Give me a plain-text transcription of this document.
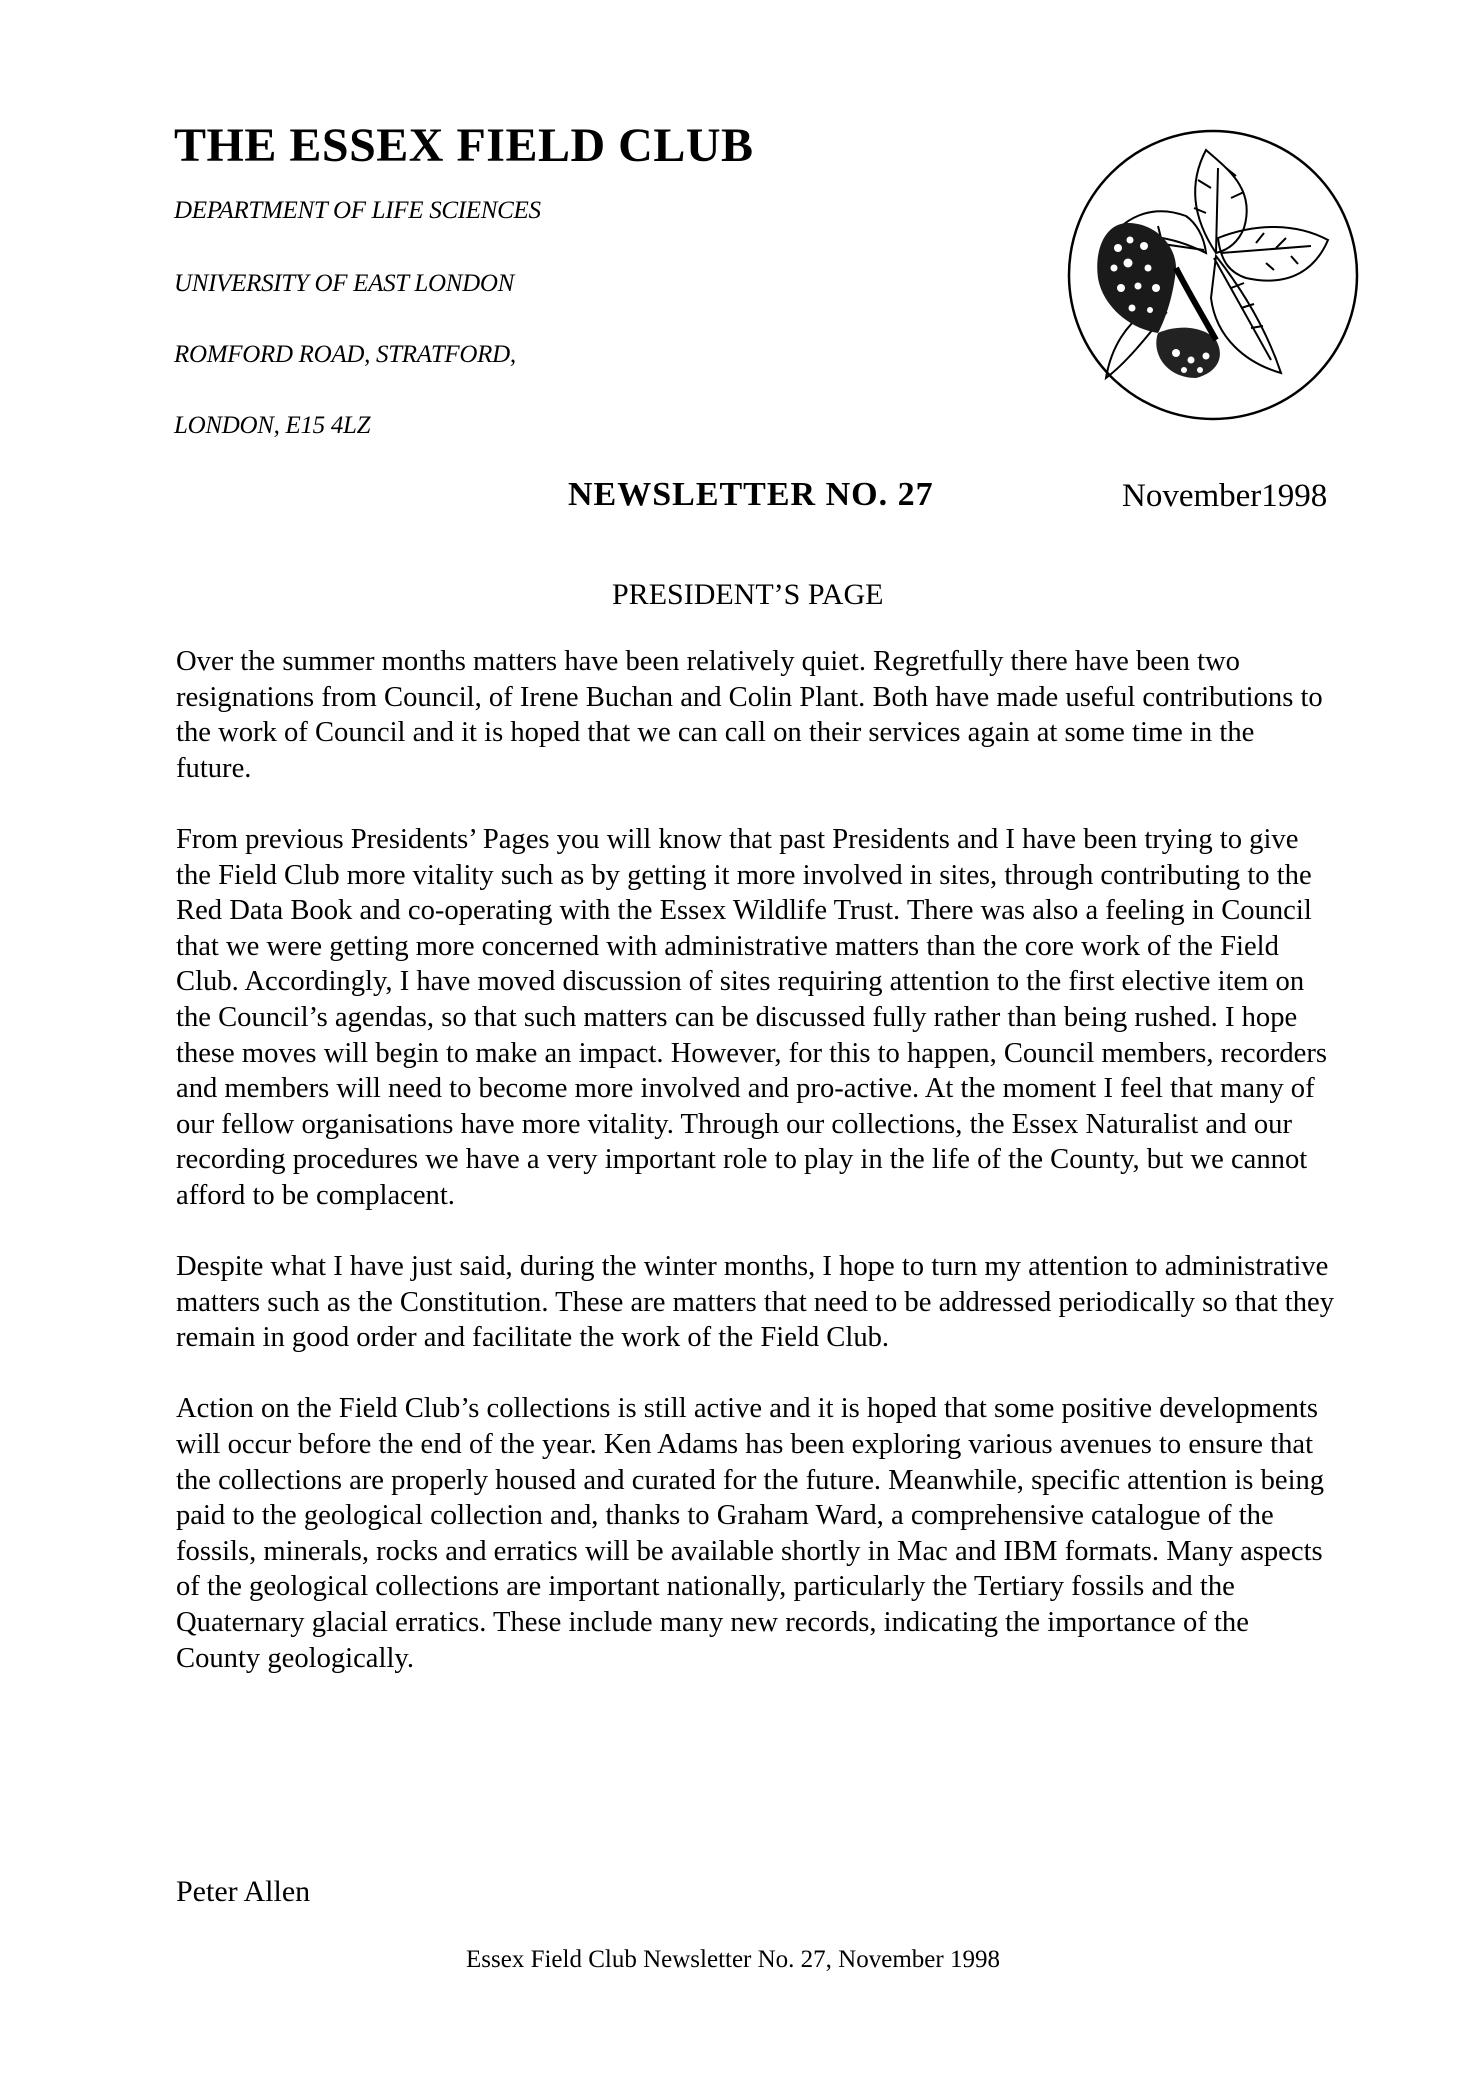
THE ESSEX FIELD CLUB
DEPARTMENT OF LIFE SCIENCES
UNIVERSITY OF EAST LONDON
ROMFORD ROAD, STRATFORD,
LONDON, E15 4LZ
NEWSLETTER NO. 27	November1998
PRESIDENT’S PAGE

Over the summer months matters have been relatively quiet. Regretfully there have been two resignations from Council, of Irene Buchan and Colin Plant. Both have made useful contributions to the work of Council and it is hoped that we can call on their services again at some time in the future.

From previous Presidents’ Pages you will know that past Presidents and I have been trying to give the Field Club more vitality such as by getting it more involved in sites, through contributing to the Red Data Book and co-operating with the Essex Wildlife Trust. There was also a feeling in Council that we were getting more concerned with administrative matters than the core work of the Field Club. Accordingly, I have moved discussion of sites requiring attention to the first elective item on the Council’s agendas, so that such matters can be discussed fully rather than being rushed. I hope these moves will begin to make an impact. However, for this to happen, Council members, recorders and members will need to become more involved and pro-active. At the moment I feel that many of our fellow organisations have more vitality. Through our collections, the Essex Naturalist and our recording procedures we have a very important role to play in the life of the County, but we cannot afford to be complacent.

Despite what I have just said, during the winter months, I hope to turn my attention to administrative matters such as the Constitution. These are matters that need to be addressed periodically so that they remain in good order and facilitate the work of the Field Club.

Action on the Field Club’s collections is still active and it is hoped that some positive developments will occur before the end of the year. Ken Adams has been exploring various avenues to ensure that the collections are properly housed and curated for the future. Meanwhile, specific attention is being paid to the geological collection and, thanks to Graham Ward, a comprehensive catalogue of the fossils, minerals, rocks and erratics will be available shortly in Mac and IBM formats. Many aspects of the geological collections are important nationally, particularly the Tertiary fossils and the Quaternary glacial erratics. These include many new records, indicating the importance of the County geologically.

Peter Allen
Essex Field Club Newsletter No. 27, November 1998
